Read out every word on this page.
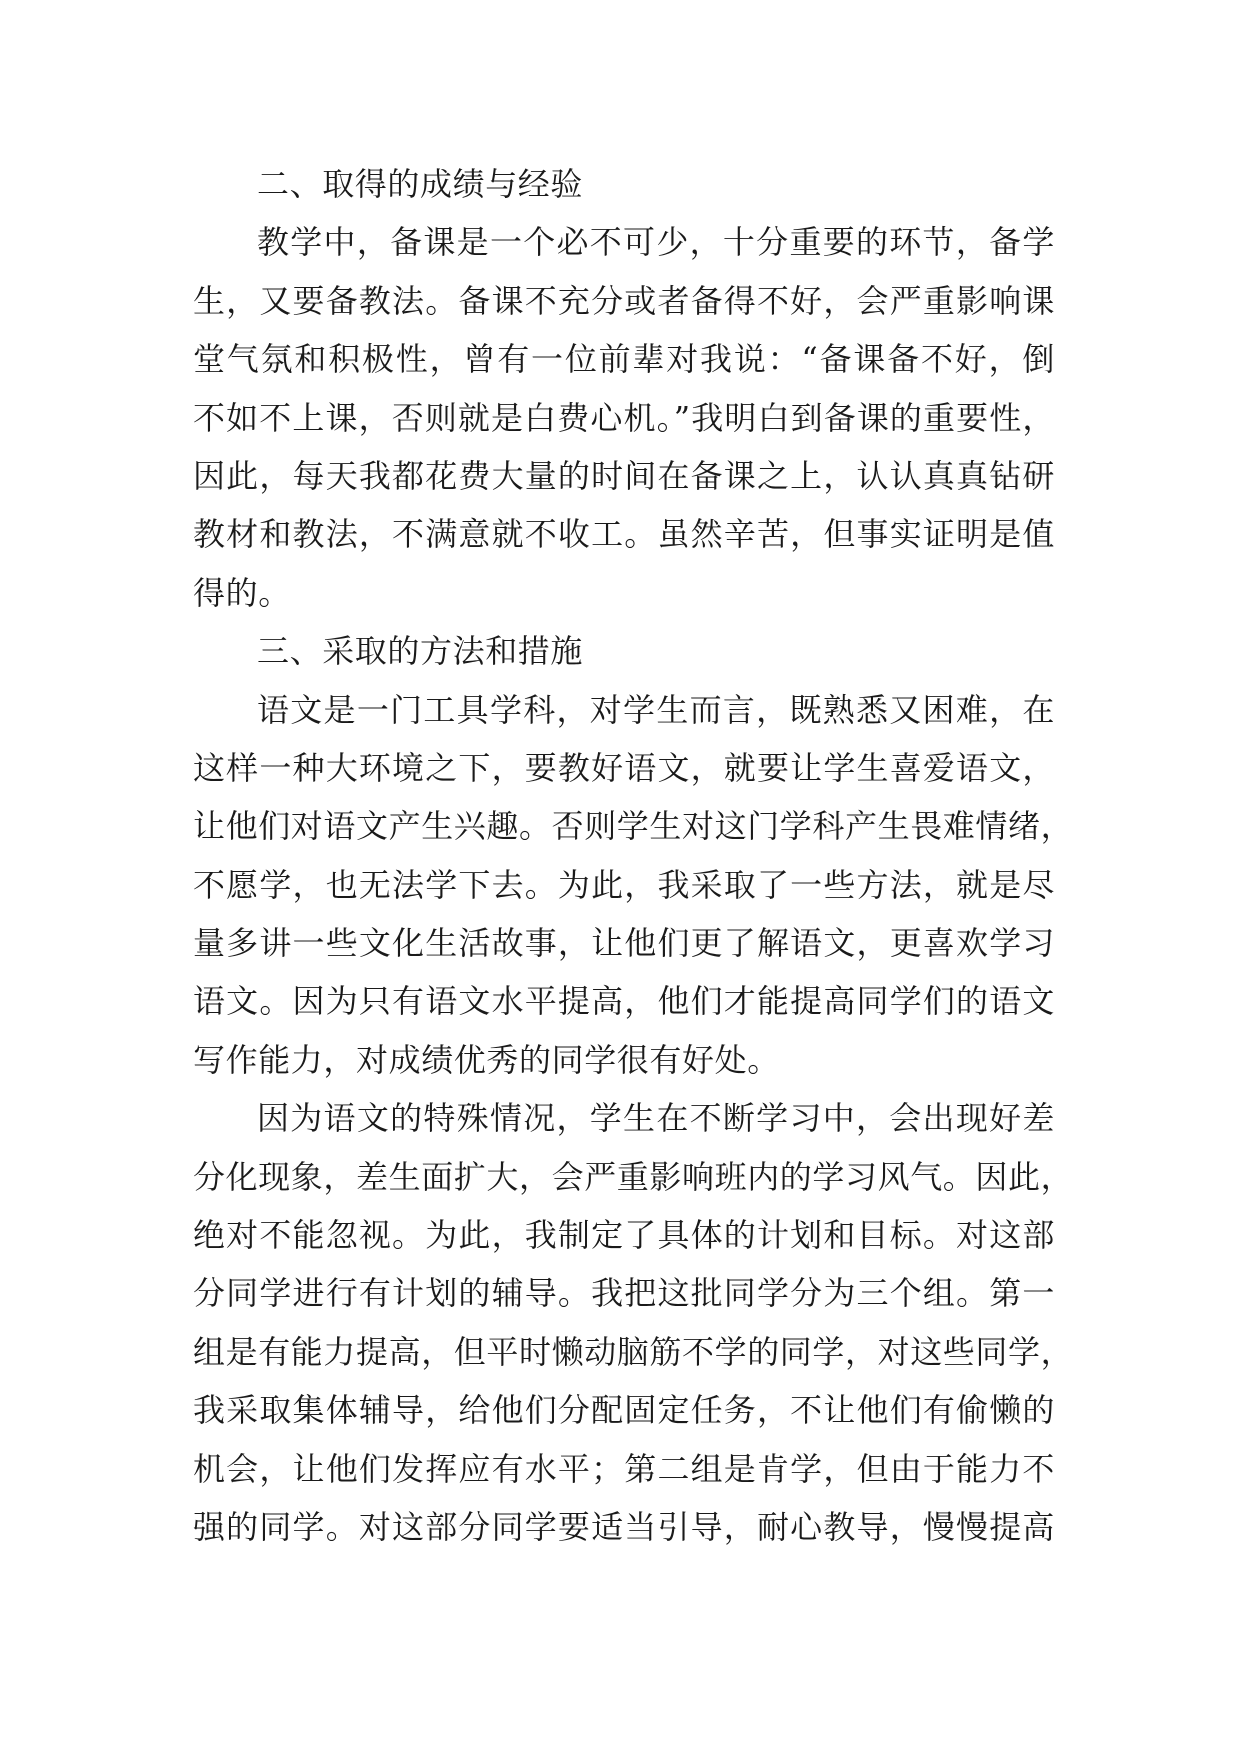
二、取得的成绩与经验
教学中，备课是一个必不可少，十分重要的环节，备学
生，又要备教法。备课不充分或者备得不好，会严重影响课
堂气氛和积极性，曾有一位前辈对我说：“备课备不好，倒
不如不上课，否则就是白费心机。”我明白到备课的重要性，
因此，每天我都花费大量的时间在备课之上，认认真真钻研
教材和教法，不满意就不收工。虽然辛苦，但事实证明是值
得的。
三、采取的方法和措施
语文是一门工具学科，对学生而言，既熟悉又困难，在
这样一种大环境之下，要教好语文，就要让学生喜爱语文，
让他们对语文产生兴趣。否则学生对这门学科产生畏难情绪，
不愿学，也无法学下去。为此，我采取了一些方法，就是尽
量多讲一些文化生活故事，让他们更了解语文，更喜欢学习
语文。因为只有语文水平提高，他们才能提高同学们的语文
写作能力，对成绩优秀的同学很有好处。
因为语文的特殊情况，学生在不断学习中，会出现好差
分化现象，差生面扩大，会严重影响班内的学习风气。因此，
绝对不能忽视。为此，我制定了具体的计划和目标。对这部
分同学进行有计划的辅导。我把这批同学分为三个组。第一
组是有能力提高，但平时懒动脑筋不学的同学，对这些同学，
我采取集体辅导，给他们分配固定任务，不让他们有偷懒的
机会，让他们发挥应有水平；第二组是肯学，但由于能力不
强的同学。对这部分同学要适当引导，耐心教导，慢慢提高
